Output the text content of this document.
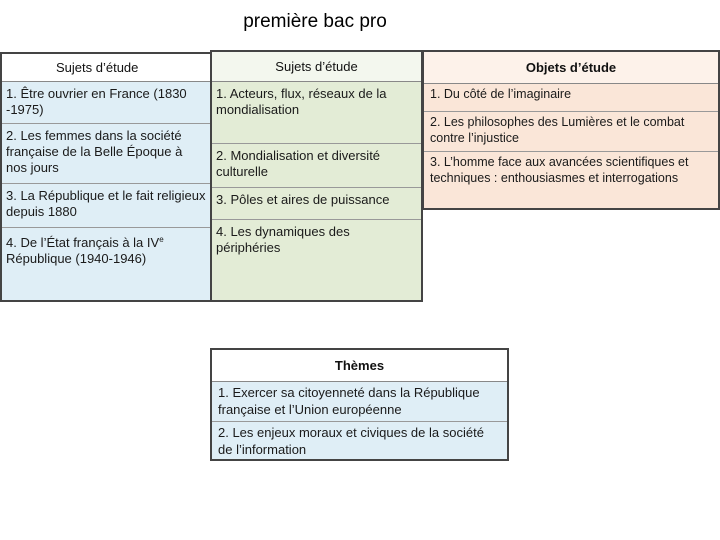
première bac pro
Sujets d’étude
1. Être ouvrier en France (1830 -1975)
2. Les femmes dans la société française de la Belle Époque à nos jours
3. La République et le fait religieux depuis 1880
4. De l’État français à la IVe République (1940-1946)
Sujets d’étude
1. Acteurs, flux, réseaux de la mondialisation
2. Mondialisation et diversité culturelle
3. Pôles et aires de puissance
4. Les dynamiques des périphéries
Objets d’étude
1. Du côté de l’imaginaire
2. Les philosophes des Lumières et le combat contre l’injustice
3. L’homme face aux avancées scientifiques et techniques : enthousiasmes et interrogations
Thèmes
1. Exercer sa citoyenneté dans la République française et l’Union européenne
2. Les enjeux moraux et civiques de la société de l’information
